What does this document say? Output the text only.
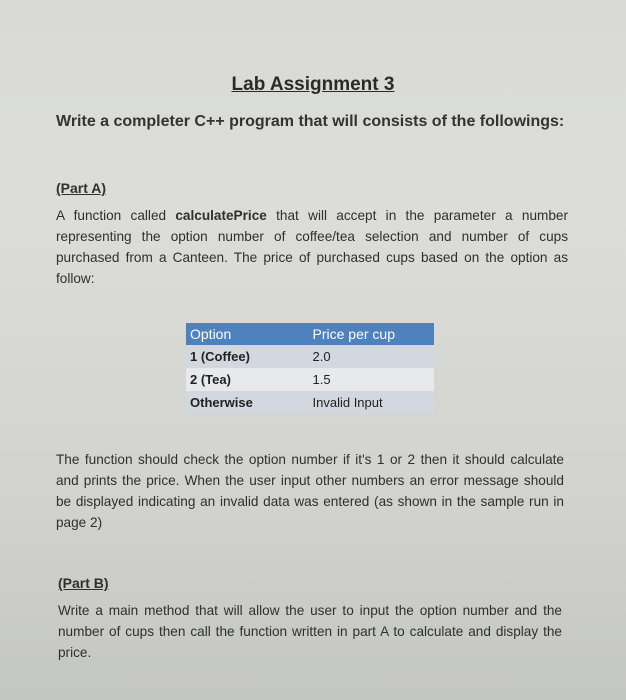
Lab Assignment 3
Write a completer C++ program that will consists of the followings:
(Part A)
A function called calculatePrice that will accept in the parameter a number representing the option number of coffee/tea selection and number of cups purchased from a Canteen. The price of purchased cups based on the option as follow:
Option	Price per cup
1 (Coffee)	2.0
2 (Tea)	1.5
Otherwise	Invalid Input
The function should check the option number if it's 1 or 2 then it should calculate and prints the price. When the user input other numbers an error message should be displayed indicating an invalid data was entered (as shown in the sample run in page 2)
(Part B)
Write a main method that will allow the user to input the option number and the number of cups then call the function written in part A to calculate and display the price.
